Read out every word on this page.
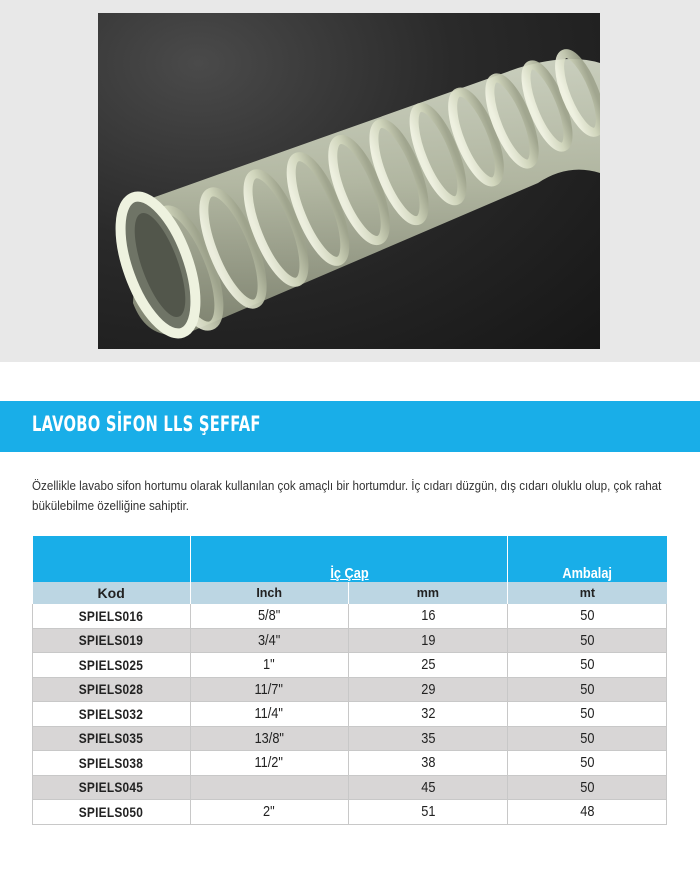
LAVOBO SİFON LLS ŞEFFAF
Özellikle lavabo sifon hortumu olarak kullanılan çok amaçlı bir hortumdur. İç cıdarı düzgün, dış cıdarı oluklu olup, çok rahat bükülebilme özelliğine sahiptir.
	İç Çap		Ambalaj
Kod	Inch	mm	mt
SPIELS016	5/8"	16	50
SPIELS019	3/4"	19	50
SPIELS025	1"	25	50
SPIELS028	11/7"	29	50
SPIELS032	11/4"	32	50
SPIELS035	13/8"	35	50
SPIELS038	11/2"	38	50
SPIELS045		45	50
SPIELS050	2"	51	48
